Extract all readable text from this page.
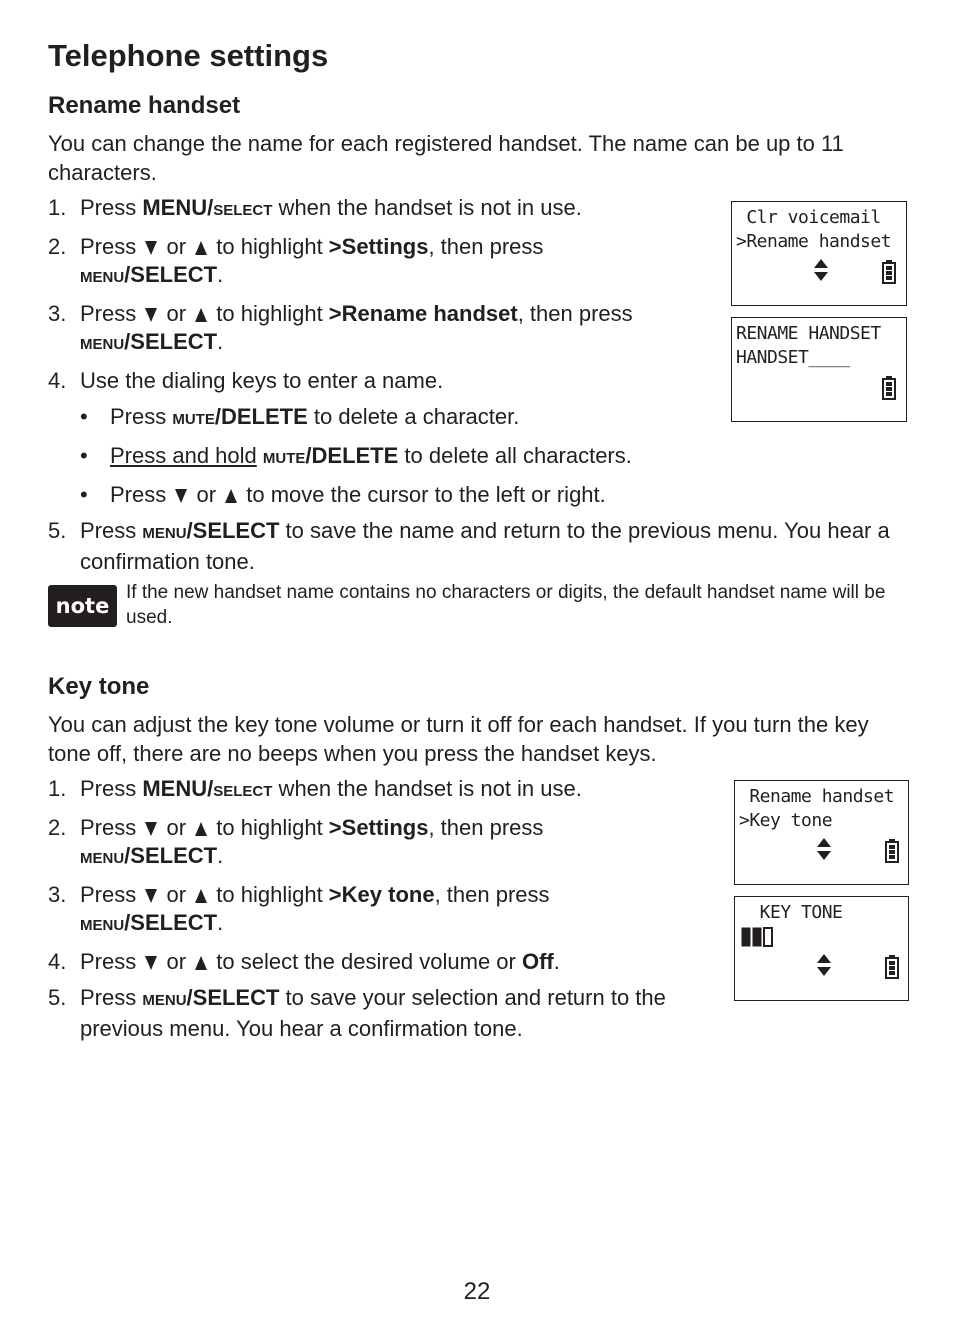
Telephone settings
Rename handset

You can change the name for each registered handset. The name can be up to 11 characters.

1. Press MENU/SELECT when the handset is not in use.
2. Press  or  to highlight >Settings, then press
MENU/SELECT.
3. Press  or  to highlight >Rename handset, then press
MENU/SELECT.
4. Use the dialing keys to enter a name.
• Press MUTE/DELETE to delete a character.
• Press and hold MUTE/DELETE to delete all characters.
• Press  or  to move the cursor to the left or right.
5. Press MENU/SELECT to save the name and return to the previous menu. You hear a confirmation tone.
Clr voicemail
>Rename handset
RENAME HANDSET
HANDSET____
note

If the new handset name contains no characters or digits, the default handset name will be used.

Key tone

You can adjust the key tone volume or turn it off for each handset. If you turn the key tone off, there are no beeps when you press the handset keys.

1. Press MENU/SELECT when the handset is not in use.
2. Press  or  to highlight >Settings, then press
MENU/SELECT.
3. Press  or  to highlight >Key tone, then press
MENU/SELECT.
4. Press  or  to select the desired volume or Off.
5. Press MENU/SELECT to save your selection and return to the previous menu. You hear a confirmation tone.
Rename handset
>Key tone
KEY TONE
22
